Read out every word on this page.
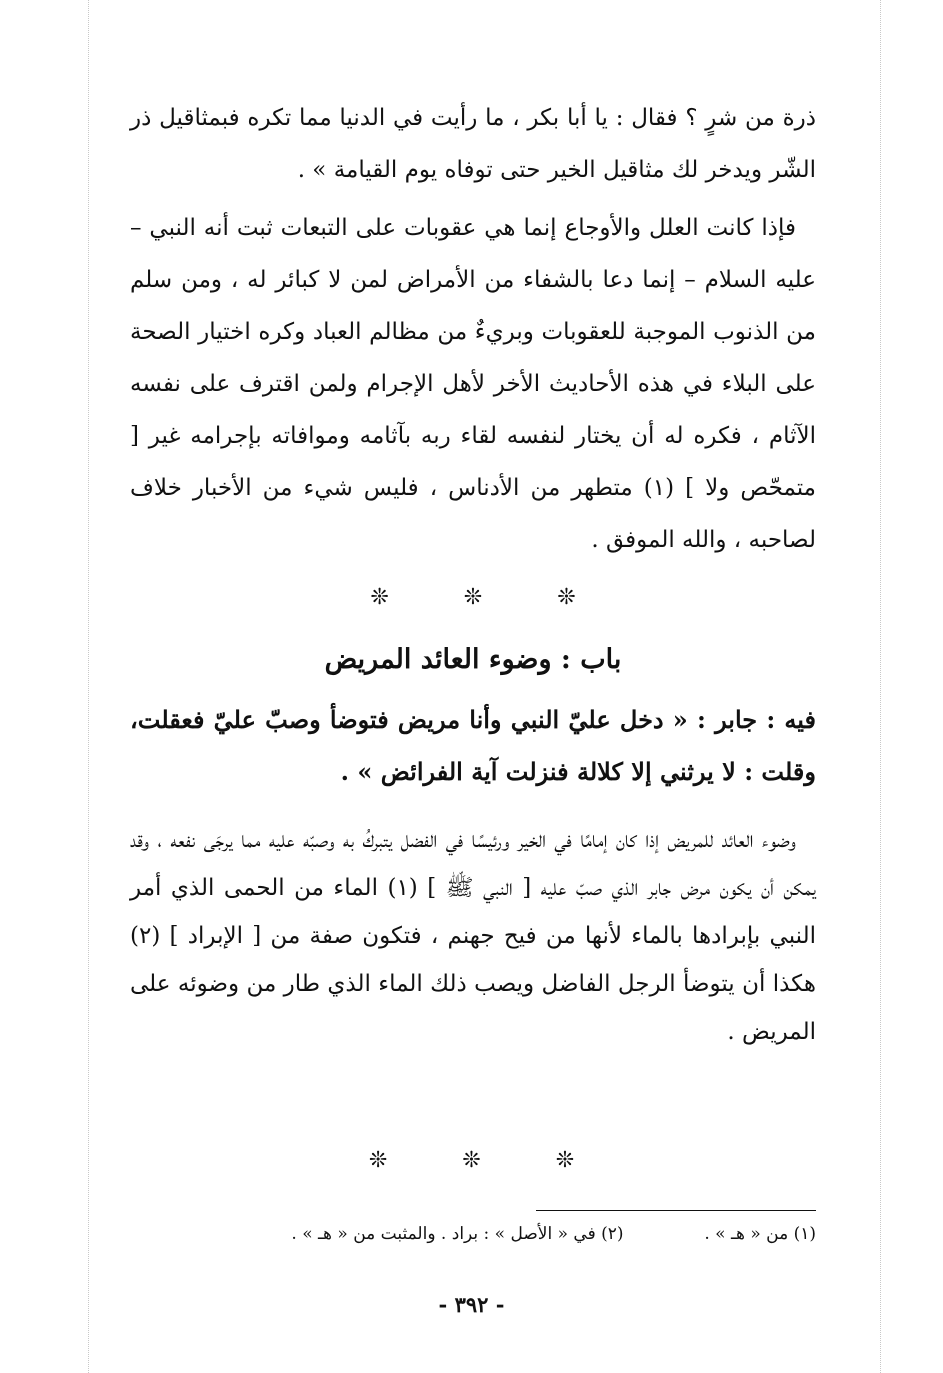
ذرة من شرٍ ؟ فقال : يا أبا بكر ، ما رأيت في الدنيا مما تكره فبمثاقيل ذر الشّر ويدخر لك مثاقيل الخير حتى توفاه يوم القيامة » .

فإذا كانت العلل والأوجاع إنما هي عقوبات على التبعات ثبت أنه النبي – عليه السلام – إنما دعا بالشفاء من الأمراض لمن لا كبائر له ، ومن سلم من الذنوب الموجبة للعقوبات وبريءٌ من مظالم العباد وكره اختيار الصحة على البلاء في هذه الأحاديث الأخر لأهل الإجرام ولمن اقترف على نفسه الآثام ، فكره له أن يختار لنفسه لقاء ربه بآثامه وموافاته بإجرامه غير [ متمحّص ولا ] (١) متطهر من الأدناس ، فليس شيء من الأخبار خلاف لصاحبه ، والله الموفق .

❊	❊	❊
باب : وضوء العائد المريض

فيه : جابر : « دخل عليّ النبي وأنا مريض فتوضأ وصبّ عليّ فعقلت، وقلت : لا يرثني إلا كلالة فنزلت آية الفرائض » .

وضوء العائد للمريض إذا كان إمامًا في الخير ورئيسًا في الفضل يتبركُ به وصبّه عليه مما يرجَى نفعه ، وقد يمكن أن يكون مرض جابر الذي صبّ عليه [ النبي ﷺ ] (١) الماء من الحمى الذي أمر النبي بإبرادها بالماء لأنها من فيح جهنم ، فتكون صفة من [ الإبراد ] (٢) هكذا أن يتوضأ الرجل الفاضل ويصب ذلك الماء الذي طار من وضوئه على المريض .

❊	❊	❊
(١) من « هـ » .  (٢) في « الأصل » : براد . والمثبت من « هـ » .
- ٣٩٢ -
